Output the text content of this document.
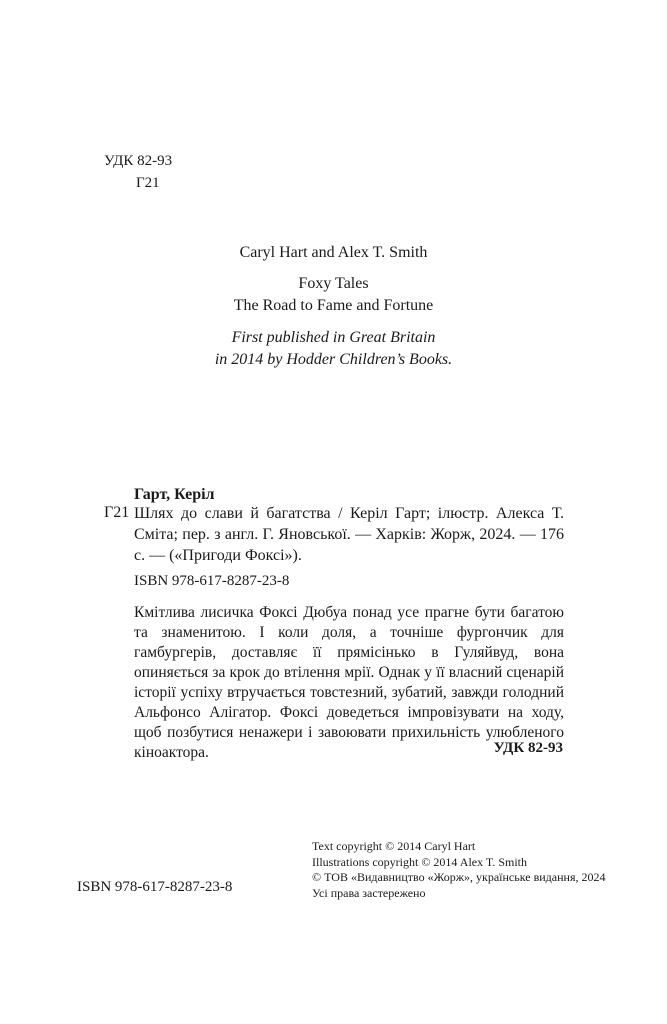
УДК 82-93
Г21
Caryl Hart and Alex T. Smith
Foxy Tales
The Road to Fame and Fortune
First published in Great Britain
in 2014 by Hodder Children’s Books.
Гарт, Керіл
Г21 Шлях до слави й багатства / Керіл Гарт; ілюстр. Алекса Т. Сміта; пер. з англ. Г. Яновської. — Харків: Жорж, 2024. — 176 с. — («Пригоди Фоксі»).
ISBN 978-617-8287-23-8
Кмітлива лисичка Фоксі Дюбуа понад усе прагне бути багатою та знаменитою. І коли доля, а точніше фургончик для гамбургерів, доставляє її прямісінько в Гуляйвуд, вона опиняється за крок до втілення мрії. Однак у її власний сценарій історії успіху втручається товстезний, зубатий, завжди голодний Альфонсо Алігатор. Фоксі доведеться імпровізувати на ходу, щоб позбутися ненажери і завоювати прихильність улюбленого кіноактора.	УДК 82-93
Text copyright © 2014 Caryl Hart
Illustrations copyright © 2014 Alex T. Smith
© ТОВ «Видавництво «Жорж», українське видання, 2024
Усі права застережено
ISBN 978-617-8287-23-8
